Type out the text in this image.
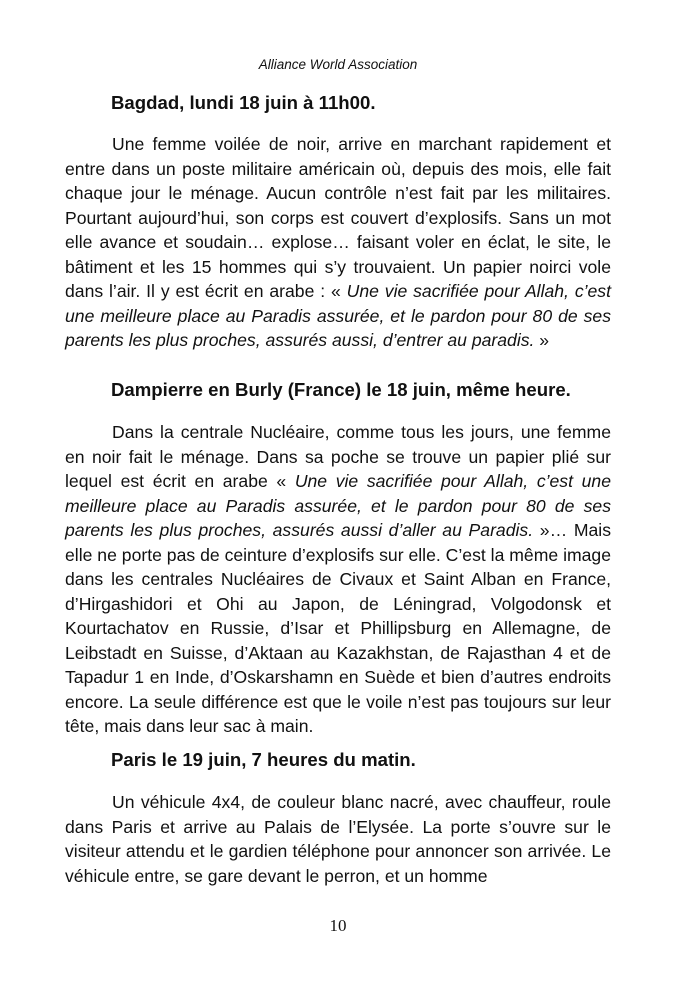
Alliance World Association
Bagdad, lundi 18 juin à 11h00.

Une femme voilée de noir, arrive en marchant rapidement et entre dans un poste militaire américain où, depuis des mois, elle fait chaque jour le ménage. Aucun contrôle n’est fait par les militaires. Pourtant aujourd’hui, son corps est couvert d’explosifs. Sans un mot elle avance et soudain… explose… faisant voler en éclat, le site, le bâtiment et les 15 hommes qui s’y trouvaient. Un papier noirci vole dans l’air. Il y est écrit en arabe : « Une vie sacrifiée pour Allah, c’est une meilleure place au Paradis assurée, et le pardon pour 80 de ses parents les plus proches, assurés aussi, d’entrer au paradis. »

Dampierre en Burly (France) le 18 juin, même heure.

Dans la centrale Nucléaire, comme tous les jours, une femme en noir fait le ménage. Dans sa poche se trouve un papier plié sur lequel est écrit en arabe « Une vie sacrifiée pour Allah, c’est une meilleure place au Paradis assurée, et le pardon pour 80 de ses parents les plus proches, assurés aussi d’aller au Paradis. »… Mais elle ne porte pas de ceinture d’explosifs sur elle. C’est la même image dans les centrales Nucléaires de Civaux et Saint Alban en France, d’Hirgashidori et Ohi au Japon, de Léningrad, Volgodonsk et Kourtachatov en Russie, d’Isar et Phillipsburg en Allemagne, de Leibstadt en Suisse, d’Aktaan au Kazakhstan, de Rajasthan 4 et de Tapadur 1 en Inde, d’Oskarshamn en Suède et bien d’autres endroits encore. La seule différence est que le voile n’est pas toujours sur leur tête, mais dans leur sac à main.

Paris le 19 juin, 7 heures du matin.

Un véhicule 4x4, de couleur blanc nacré, avec chauffeur, roule dans Paris et arrive au Palais de l’Elysée. La porte s’ouvre sur le visiteur attendu et le gardien téléphone pour annoncer son arrivée. Le véhicule entre, se gare devant le perron, et un homme

10
